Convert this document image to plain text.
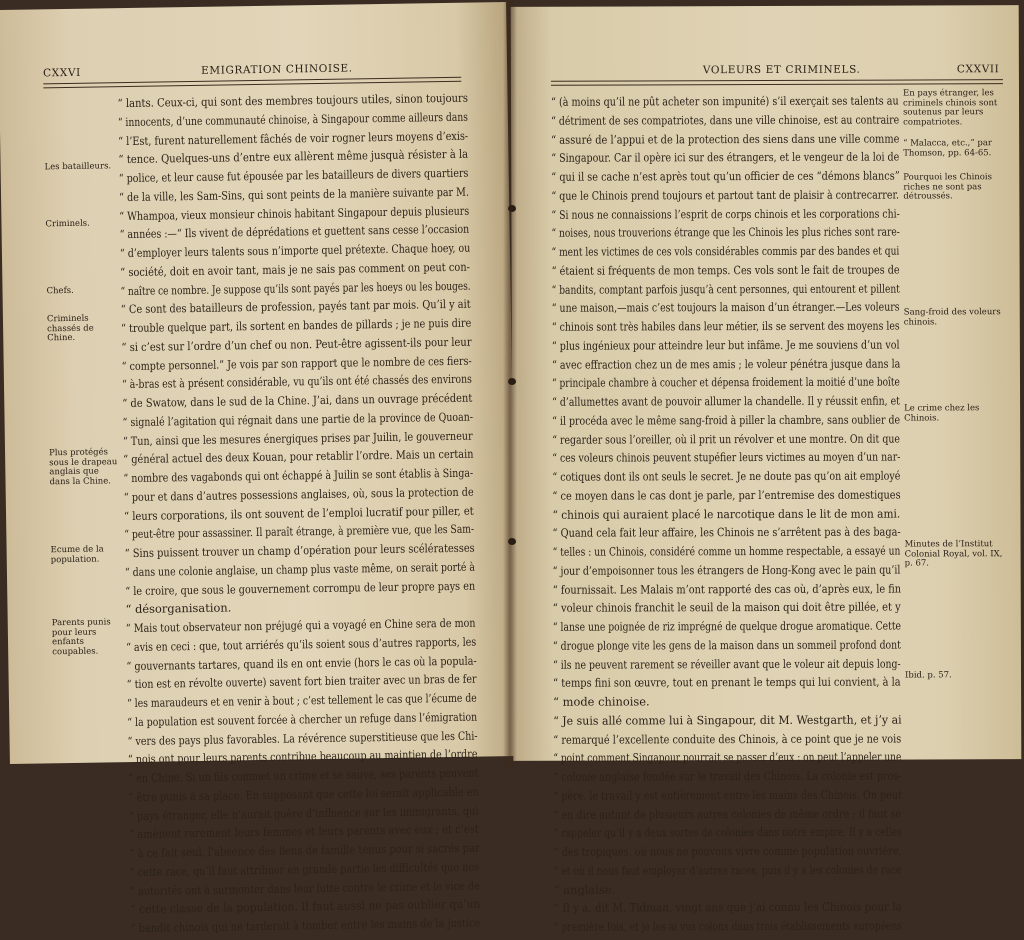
CXXVI	EMIGRATION CHINOISE.
“ lants. Ceux-ci, qui sont des membres toujours utiles, sinon toujours
“ innocents, d’une communauté chinoise, à Singapour comme ailleurs dans
“ l’Est, furent naturellement fâchés de voir rogner leurs moyens d’exis-
“ tence. Quelques-uns d’entre eux allèrent même jusquà résister à la
“ police, et leur cause fut épousée par les batailleurs de divers quartiers
“ de la ville, les Sam-Sins, qui sont peints de la manière suivante par M.
“ Whampoa, vieux monsieur chinois habitant Singapour depuis plusieurs
“ années :—“ Ils vivent de déprédations et guettent sans cesse l’occasion
“ d’employer leurs talents sous n’importe quel prétexte. Chaque hoey, ou
“ société, doit en avoir tant, mais je ne sais pas comment on peut con-
“ naître ce nombre. Je suppose qu’ils sont payés par les hoeys ou les bouges.
“ Ce sont des batailleurs de profession, payés tant par mois. Qu’il y ait
“ trouble quelque part, ils sortent en bandes de pillards ; je ne puis dire
“ si c’est sur l’ordre d’un chef ou non. Peut-être agissent-ils pour leur
“ compte personnel.” Je vois par son rapport que le nombre de ces fiers-
“ à-bras est à présent considérable, vu qu’ils ont été chassés des environs
“ de Swatow, dans le sud de la Chine. J’ai, dans un ouvrage précédent
“ signalé l’agitation qui régnait dans une partie de la province de Quoan-
“ Tun, ainsi que les mesures énergiques prises par Juilin, le gouverneur
“ général actuel des deux Kouan, pour retablir l’ordre. Mais un certain
“ nombre des vagabonds qui ont échappé à Juilin se sont établis à Singa-
“ pour et dans d’autres possessions anglaises, où, sous la protection de
“ leurs corporations, ils ont souvent de l’emploi lucratif pour piller, et
“ peut-être pour assassiner. Il paraît étrange, à première vue, que les Sam-
“ Sins puissent trouver un champ d’opération pour leurs scélératesses
“ dans une colonie anglaise, un champ plus vaste même, on serait porté à
“ le croire, que sous le gouvernement corrompu de leur propre pays en
“ désorganisation.
“ Mais tout observateur non préjugé qui a voyagé en Chine sera de mon
“ avis en ceci : que, tout arriérés qu’ils soient sous d’autres rapports, les
“ gouvernants tartares, quand ils en ont envie (hors le cas où la popula-
“ tion est en révolte ouverte) savent fort bien traiter avec un bras de fer
“ les maraudeurs et en venir à bout ; c’est tellement le cas que l’écume de
“ la population est souvent forcée à chercher un refuge dans l’émigration
“ vers des pays plus favorables. La révérence superstitieuse que les Chi-
“ nois ont pour leurs parents contribue beaucoup au maintien de l’ordre
“ en Chine. Si un fils commet un crime et se sauve, ses parents peuvent
“ être punis à sa place. En supposant que cette loi serait applicable en
“ pays étranger, elle n’aurait guère d’influence sur les immigrants, qui
“ amènent rarement leurs femmes et leurs parents avec eux ; et c’est
“ à ce fait seul, l’absence des liens de famille tenus pour si sacrés par
“ cette race, qu’il faut attribuer en grande partie les difficultés que nos
“ autorités ont à surmonter dans leur lutte contre le crime et le vice de
“ cette classe de la population. Il faut aussi ne pas oublier qu’un
“ bandit chinois qui ne tarderait à tomber entre les mains de la justice
Les batailleurs.
Criminels.
Chefs.
Criminels chassés de Chine.
Plus protégés sous le drapeau anglais que dans la Chine.
Ecume de la population.
Parents punis pour leurs enfants coupables.
VOLEURS ET CRIMINELS.	CXXVII
“ (à moins qu’il ne pût acheter son impunité) s’il exerçait ses talents au
“ détriment de ses compatriotes, dans une ville chinoise, est au contraire
“ assuré de l’appui et de la protection des siens dans une ville comme
“ Singapour. Car il opère ici sur des étrangers, et le vengeur de la loi de
“ qui il se cache n’est après tout qu’un officier de ces “démons blancs”
“ que le Chinois prend toujours et partout tant de plaisir à contrecarrer.
“ Si nous ne connaissions l’esprit de corps chinois et les corporations chi-
“ noises, nous trouverions étrange que les Chinois les plus riches sont rare-
“ ment les victimes de ces vols considérables commis par des bandes et qui
“ étaient si fréquents de mon temps. Ces vols sont le fait de troupes de
“ bandits, comptant parfois jusqu’à cent personnes, qui entourent et pillent
“ une maison,—mais c’est toujours la maison d’un étranger.—Les voleurs
“ chinois sont très habiles dans leur métier, ils se servent des moyens les
“ plus ingénieux pour atteindre leur but infâme. Je me souviens d’un vol
“ avec effraction chez un de mes amis ; le voleur pénétra jusque dans la
“ principale chambre à coucher et dépensa froidement la moitié d’une boîte
“ d’allumettes avant de pouvoir allumer la chandelle. Il y réussit enfin, et
“ il procéda avec le même sang-froid à piller la chambre, sans oublier de
“ regarder sous l’oreiller, où il prit un révolver et une montre. On dit que
“ ces voleurs chinois peuvent stupéfier leurs victimes au moyen d’un nar-
“ cotiques dont ils ont seuls le secret. Je ne doute pas qu’on ait employé
“ ce moyen dans le cas dont je parle, par l’entremise des domestiques
“ chinois qui auraient placé le narcotique dans le lit de mon ami.
“ Quand cela fait leur affaire, les Chinois ne s’arrêtent pas à des baga-
“ telles : un Chinois, considéré comme un homme respectable, a essayé un
“ jour d’empoisonner tous les étrangers de Hong-Kong avec le pain qu’il
“ fournissait. Les Malais m’ont rapporté des cas où, d’après eux, le fin
“ voleur chinois franchit le seuil de la maison qui doit être pillée, et y
“ lanse une poignée de riz imprégné de quelque drogue aromatique. Cette
“ drogue plonge vite les gens de la maison dans un sommeil profond dont
“ ils ne peuvent rarement se réveiller avant que le voleur ait depuis long-
“ temps fini son œuvre, tout en prenant le temps qui lui convient, à la
“ mode chinoise.
“ Je suis allé comme lui à Singapour, dit M. Westgarth, et j’y ai
“ remarqué l’excellente conduite des Chinois, à ce point que je ne vois
“ point comment Singapour pourrait se passer d’eux ; on peut l’appeler une
“ colonie anglaise fondée sur le travail des Chinois. La colonie est pros-
“ père, le travail y est entièrement entre les mains des Chinois. On peut
“ en dire autant de plusieurs autres colonies de même ordre ; il faut se
“ rappeler qu’il y a deux sortes de colonies dans notre empire. Il y a celles
“ des tropiques, où nous ne pouvons vivre comme population ouvrière,
“ et où il nous faut employer d’autres races, puis il y a les colonies de race
“ anglaise.
“ Il y a, dit M. Tidman, vingt ans que j’ai connu les Chinois pour la
“ première fois, et je les ai vus colons dans trois établissements européens
En pays étranger, les criminels chinois sont soutenus par leurs compatriotes.
“ Malacca, etc.,” par Thomson, pp. 64-65.
Pourquoi les Chinois riches ne sont pas détroussés.
Sang-froid des voleurs chinois.
Le crime chez les Chinois.
Minutes de l’Institut Colonial Royal, vol. IX, p. 67.
Ibid. p. 57.
